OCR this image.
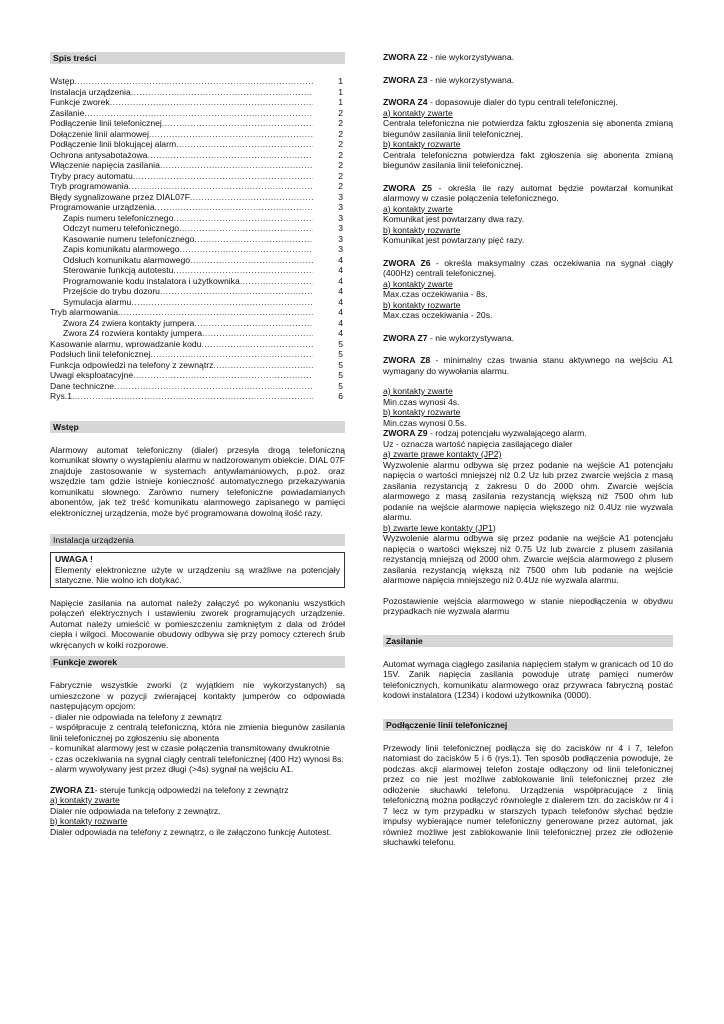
Spis treści
Wstęp .....	1
Instalacja urządzenia .....	1
Funkcje zworek .....	1
Zasilanie .....	2
Podłączenie linii telefonicznej .....	2
Dołączenie linii alarmowej .....	2
Podłączenie linii blokującej alarm .....	2
Ochrona antysabotażowa .....	2
Włączenie napięcia zasilania .....	2
Tryby pracy automatu .....	2
Tryb programowania .....	2
Błędy sygnalizowane przez DIAL07F .....	3
Programowanie urządzenia .....	3
Zapis numeru telefonicznego .....	3
Odczyt numeru telefonicznego .....	3
Kasowanie numeru telefonicznego .....	3
Zapis komunikatu alarmowego .....	3
Odsłuch komunikatu alarmowego .....	4
Sterowanie funkcją autotestu .....	4
Programowanie kodu instalatora i użytkownika .....	4
Przejście do trybu dozoru .....	4
Symulacja alarmu .....	4
Tryb alarmowania .....	4
Zwora Z4 zwiera kontakty jumpera .....	4
Zwora Z4 rozwiera kontakty jumpera .....	4
Kasowanie alarmu, wprowadzanie kodu .....	5
Podsłuch linii telefonicznej .....	5
Funkcja odpowiedzi na telefony z zewnątrz .....	5
Uwagi eksploatacyjne .....	5
Dane techniczne .....	5
Rys.1 .....	6
Wstęp

Alarmowy automat telefoniczny (dialer) przesyła drogą telefoniczną komunikat słowny o wystąpieniu alarmu w nadzorowanym obiekcie. DIAL 07F znajduje zastosowanie w systemach antywłamaniowych, p.poż. oraz wszędzie tam gdzie istnieje konieczność automatycznego przekazywania komunikatu słownego. Zarówno numery telefoniczne powiadamianych abonentów, jak też treść komunikatu alarmowego zapisanego w pamięci elektronicznej urządzenia, może być programowana dowolną ilość razy.

Instalacja urządzenia
UWAGA !

Elementy elektroniczne użyte w urządzeniu są wrażliwe na potencjały statyczne. Nie wolno ich dotykać.

Napięcie zasilania na automat należy załączyć po wykonaniu wszystkich połączeń elektrycznych i ustawieniu zworek programujących urządzenie. Automat należy umieścić w pomieszczeniu zamkniętym z dala od źródeł ciepła i wilgoci. Mocowanie obudowy odbywa się przy pomocy czterech śrub wkręcanych w kołki rozporowe.

Funkcje zworek

Fabrycznie wszystkie zworki (z wyjątkiem nie wykorzystanych) są umieszczone w pozycji zwierającej kontakty jumperów co odpowiada następującym opcjom:

- dialer nie odpowiada na telefony z zewnątrz

- współpracuje z centralą telefoniczną, która nie zmienia biegunów zasilania linii telefonicznej po zgłoszeniu się abonenta

- komunikat alarmowy jest w czasie połączenia transmitowany dwukrotnie

- czas oczekiwania na sygnał ciągły centrali telefonicznej (400 Hz) wynosi 8s.

- alarm wywoływany jest przez długi (>4s) sygnał na wejściu A1.

ZWORA Z1- steruje funkcją odpowiedzi na telefony z zewnątrz

a) kontakty zwarte

Dialer nie odpowiada na telefony z zewnątrz.

b) kontakty rozwarte

Dialer odpowiada na telefony z zewnątrz, o ile załączono funkcję Autotest.

ZWORA Z2 - nie wykorzystywana.

ZWORA Z3 - nie wykorzystywana.

ZWORA Z4 - dopasowuje dialer do typu centrali telefonicznej.

a) kontakty zwarte

Centrala telefoniczna nie potwierdza faktu zgłoszenia się abonenta zmianą biegunów zasilania linii telefonicznej.

b) kontakty rozwarte

Centrala telefoniczna potwierdza fakt zgłoszenia się abonenta zmianą biegunów zasilania linii telefonicznej.

ZWORA Z5 - określa ile razy automat będzie powtarzał komunikat alarmowy w czasie połączenia telefonicznego.

a) kontakty zwarte

Komunikat jest powtarzany dwa razy.

b) kontakty rozwarte

Komunikat jest powtarzany pięć razy.

ZWORA Z6 - określa maksymalny czas oczekiwania na sygnał ciągły (400Hz) centrali telefonicznej.

a) kontakty zwarte

Max.czas oczekiwania - 8s.

b) kontakty rozwarte

Max.czas oczekiwania - 20s.

ZWORA Z7 - nie wykorzystywana.

ZWORA Z8 - minimalny czas trwania stanu aktywnego na wejściu A1 wymagany do wywołania alarmu.

a) kontakty zwarte

Min.czas wynosi 4s.

b) kontakty rozwarte

Min.czas wynosi 0.5s.

ZWORA Z9 - rodzaj potencjału wyzwalającego alarm.

Uz - oznacza wartość napięcia zasilającego dialer

a) zwarte prawe kontakty (JP2)

Wyzwolenie alarmu odbywa się przez podanie na wejście A1 potencjału napięcia o wartości mniejszej niż 0.2 Uz lub przez zwarcie wejścia z masą zasilania rezystancją z zakresu 0 do 2000 ohm. Zwarcie wejścia alarmowego z masą zasilania rezystancją większą niż 7500 ohm lub podanie na wejście alarmowe napięcia większego niż 0.4Uz nie wyzwala alarmu.

b) zwarte lewe kontakty (JP1)

Wyzwolenie alarmu odbywa się przez podanie na wejście A1 potencjału napięcia o wartości większej niż 0.75 Uz lub zwarcie z plusem zasilania rezystancją mniejszą od 2000 ohm. Zwarcie wejścia alarmowego z plusem zasilania rezystancją większą niż 7500 ohm lub podanie na wejście alarmowe napięcia mniejszego niż 0.4Uz nie wyzwala alarmu.

Pozostawienie wejścia alarmowego w stanie niepodłączenia w obydwu przypadkach nie wyzwala alarmu

Zasilanie

Automat wymaga ciągłego zasilania napięciem stałym w granicach od 10 do 15V. Zanik napięcia zasilania powoduje utratę pamięci numerów telefonicznych, komunikatu alarmowego oraz przywraca fabryczną postać kodowi instalatora (1234) i kodowi użytkownika (0000).

Podłączenie linii telefonicznej

Przewody linii telefonicznej podłącza się do zacisków nr 4 i 7, telefon natomiast do zacisków 5 i 6 (rys.1). Ten sposób podłączenia powoduje, że podczas akcji alarmowej telefon zostaje odłączony od linii telefonicznej przez co nie jest możliwe zablokowanie linii telefonicznej przez złe odłożenie słuchawki telefonu. Urządzenia współpracujące z linią telefoniczną można podłączyć równolegle z dialerem tzn. do zacisków nr 4 i 7 lecz w tym przypadku w starszych typach telefonów słychać będzie impulsy wybierające numer telefoniczny generowane przez automat, jak również możliwe jest zablokowanie linii telefonicznej przez złe odłożenie słuchawki telefonu.
